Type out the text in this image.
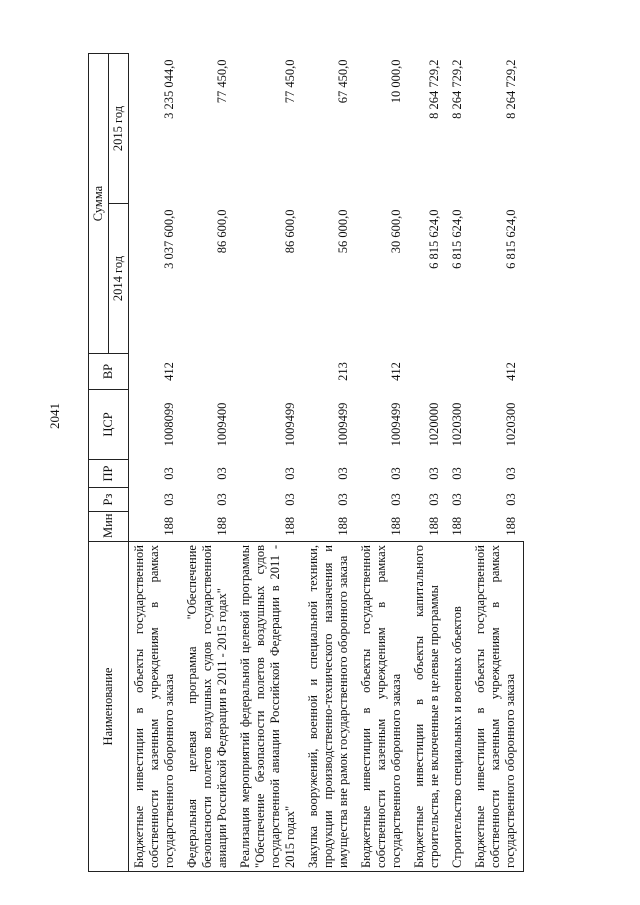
2041
Наименование	Мин	Рз	ПР	ЦСР	ВР	Сумма	
						2014 год	2015 год
Бюджетные инвестиции в объекты государственной собственности казенным учреждениям в рамках государственного оборонного заказа	188	03	03	1008099	412	3 037 600,0	3 235 044,0
Федеральная целевая программа "Обеспечение безопасности полетов воздушных судов государственной авиации Российской Федерации в 2011 - 2015 годах"	188	03	03	1009400		86 600,0	77 450,0
Реализация мероприятий федеральной целевой программы "Обеспечение безопасности полетов воздушных судов государственной авиации Российской Федерации в 2011 - 2015 годах"	188	03	03	1009499		86 600,0	77 450,0
Закупка вооружений, военной и специальной техники, продукции производственно-технического назначения и имущества вне рамок государственного оборонного заказа	188	03	03	1009499	213	56 000,0	67 450,0
Бюджетные инвестиции в объекты государственной собственности казенным учреждениям в рамках государственного оборонного заказа	188	03	03	1009499	412	30 600,0	10 000,0
Бюджетные инвестиции в объекты капитального строительства, не включенные в целевые программы	188	03	03	1020000		6 815 624,0	8 264 729,2
Строительство специальных и военных объектов	188	03	03	1020300		6 815 624,0	8 264 729,2
Бюджетные инвестиции в объекты государственной собственности казенным учреждениям в рамках государственного оборонного заказа	188	03	03	1020300	412	6 815 624,0	8 264 729,2
